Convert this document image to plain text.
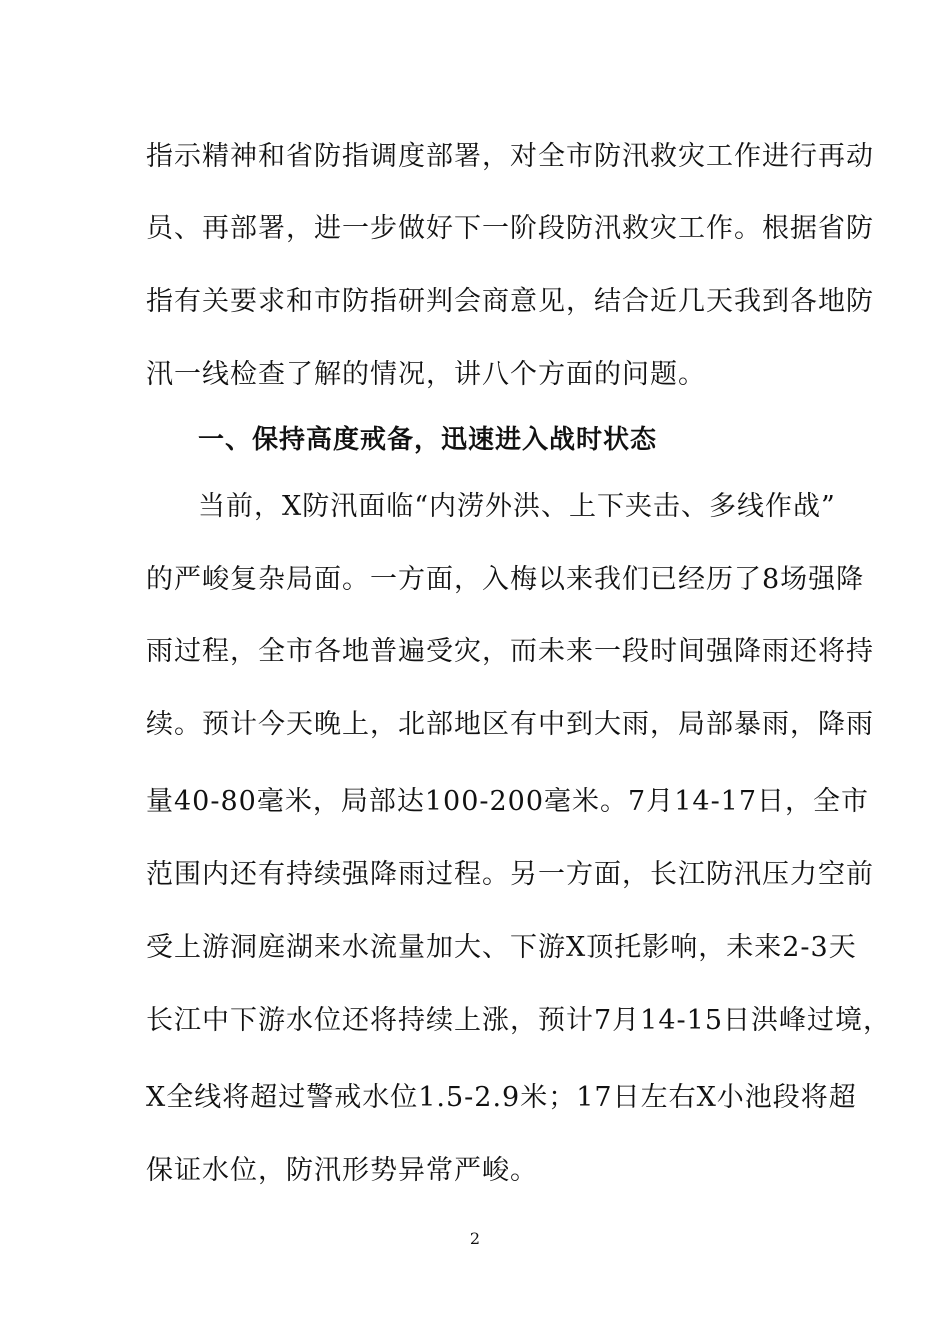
指示精神和省防指调度部署，对全市防汛救灾工作进行再动
员、再部署，进一步做好下一阶段防汛救灾工作。根据省防
指有关要求和市防指研判会商意见，结合近几天我到各地防
汛一线检查了解的情况，讲八个方面的问题。
一、保持高度戒备，迅速进入战时状态
当前，X防汛面临“内涝外洪、上下夹击、多线作战”
的严峻复杂局面。一方面，入梅以来我们已经历了8场强降
雨过程，全市各地普遍受灾，而未来一段时间强降雨还将持
续。预计今天晚上，北部地区有中到大雨，局部暴雨，降雨
量40-80毫米，局部达100-200毫米。7月14-17日，全市
范围内还有持续强降雨过程。另一方面，长江防汛压力空前
受上游洞庭湖来水流量加大、下游X顶托影响，未来2-3天
长江中下游水位还将持续上涨，预计7月14-15日洪峰过境，
X全线将超过警戒水位1.5-2.9米；17日左右X小池段将超
保证水位，防汛形势异常严峻。
2
